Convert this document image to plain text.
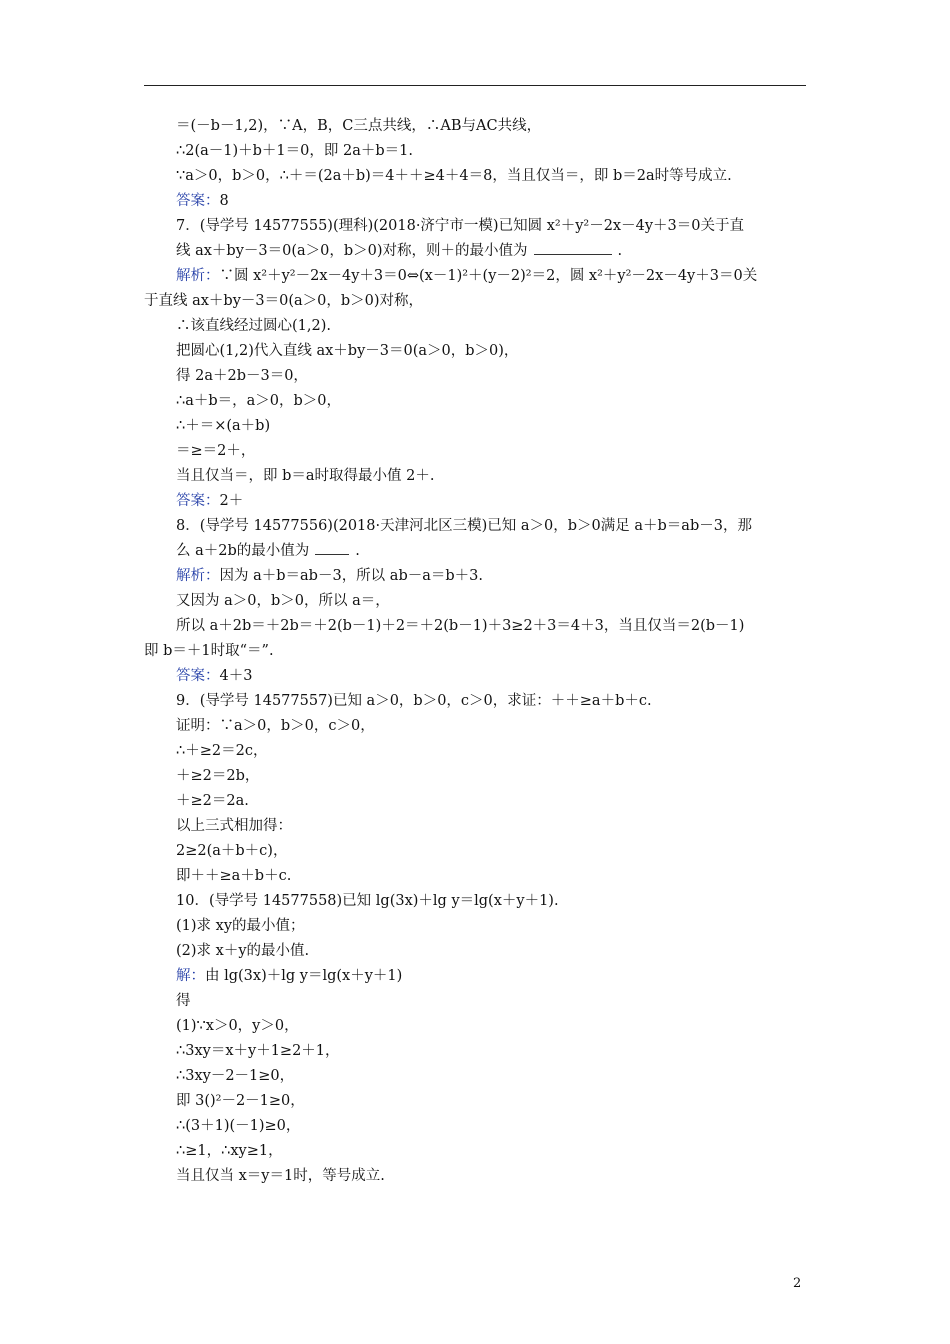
＝(－b－1,2)，∵A，B，C三点共线，∴AB与AC共线，
∴2(a－1)＋b＋1＝0，即 2a＋b＝1.
∵a＞0，b＞0，∴＋＝(2a＋b)＝4＋＋≥4＋4＝8，当且仅当＝，即 b＝2a时等号成立.
答案：8
7．(导学号 14577555)(理科)(2018·济宁市一模)已知圆 x²＋y²－2x－4y＋3＝0关于直
线 ax＋by－3＝0(a＞0，b＞0)对称，则＋的最小值为	.
解析：∵圆 x²＋y²－2x－4y＋3＝0⇔(x－1)²＋(y－2)²＝2，圆 x²＋y²－2x－4y＋3＝0关
于直线 ax＋by－3＝0(a＞0，b＞0)对称，
∴该直线经过圆心(1,2).
把圆心(1,2)代入直线 ax＋by－3＝0(a＞0，b＞0)，
得 2a＋2b－3＝0，
∴a＋b＝，a＞0，b＞0，
∴＋＝×(a＋b)
＝≥＝2＋，
当且仅当＝，即 b＝a时取得最小值 2＋.
答案：2＋
8．(导学号 14577556)(2018·天津河北区三模)已知 a＞0，b＞0满足 a＋b＝ab－3，那
么 a＋2b的最小值为	.
解析：因为 a＋b＝ab－3，所以 ab－a＝b＋3.
又因为 a＞0，b＞0，所以 a＝，
所以 a＋2b＝＋2b＝＋2(b－1)＋2＝＋2(b－1)＋3≥2＋3＝4＋3，当且仅当＝2(b－1)
即 b＝＋1时取“＝”.
答案：4＋3
9．(导学号 14577557)已知 a＞0，b＞0，c＞0，求证：＋＋≥a＋b＋c.
证明：∵a＞0，b＞0，c＞0，
∴＋≥2＝2c，
＋≥2＝2b，
＋≥2＝2a.
以上三式相加得：
2≥2(a＋b＋c)，
即＋＋≥a＋b＋c.
10．(导学号 14577558)已知 lg(3x)＋lg y＝lg(x＋y＋1).
(1)求 xy的最小值；
(2)求 x＋y的最小值.
解：由 lg(3x)＋lg y＝lg(x＋y＋1)
得
(1)∵x＞0，y＞0，
∴3xy＝x＋y＋1≥2＋1，
∴3xy－2－1≥0，
即 3()²－2－1≥0，
∴(3＋1)(－1)≥0，
∴≥1，∴xy≥1，
当且仅当 x＝y＝1时，等号成立.
2
